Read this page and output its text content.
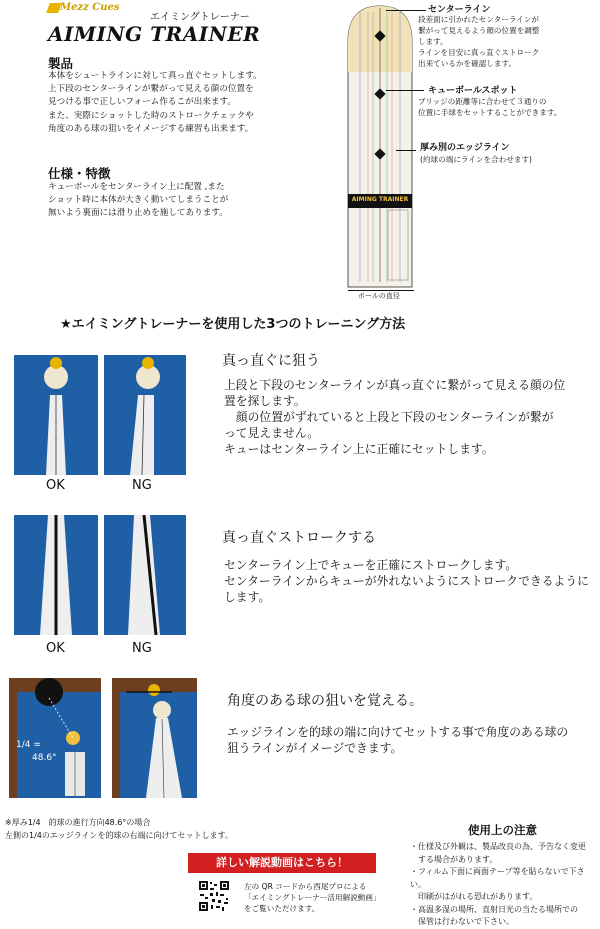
Mezz Cues
エイミングトレーナー
AIMING TRAINER
製品
本体をシュートラインに対して真っ直ぐセットします。
上下段のセンターラインが繋がって見える顔の位置を
見つける事で正しいフォーム作るこが出来ます。
また、実際にショットした時のストロークチェックや
角度のある球の狙いをイメージする練習も出来ます。
仕様・特徴
キューボールをセンターライン上に配置 ,また
ショット時に本体が大きく動いてしまうことが
無いよう裏面には滑り止めを施してあります。
AIMING TRAINER
ボールの直径
センターライン
段差面に引かれたセンターラインが
繋がって見えるよう顔の位置を調整
します。
ラインを目安に真っ直ぐストローク
出来ているかを確認します。
キューボールスポット
ブリッジの距離等に合わせて３通りの
位置に手球をセットすることができます。
厚み別のエッジライン
(約球の端にラインを合わせます)
★エイミングトレーナーを使用した3つのトレーニング方法
OK	NG
真っ直ぐに狙う
上段と下段のセンターラインが真っ直ぐに繋がって見える顔の位
置を探します。
　顔の位置がずれていると上段と下段のセンターラインが繋が
って見えません。
キューはセンターライン上に正確にセットします。
OK	NG
真っ直ぐストロークする
センターライン上でキューを正確にストロークします。
センターラインからキューが外れないようにストロークできるように
します。
1/4 =
48.6°
角度のある球の狙いを覚える。
エッジラインを的球の端に向けてセットする事で角度のある球の
狙うラインがイメージできます。
※厚み1/4　的球の進行方向48.6°の場合
左側の1/4のエッジラインを的球の右端に向けてセットします。	使用上の注意
・仕様及び外観は、製品改良の為、予告なく変更
　する場合があります。
・フィルム下面に両面テープ等を貼らないで下さい。
　印刷がはがれる恐れがあります。
・高温多湿の場所、直射日光の当たる場所での
　保管は行わないで下さい。
詳しい解説動画はこちら！
左の QR コードから西尾プロによる
「エイミングトレーナー活用解説動画」
をご覧いただけます。
